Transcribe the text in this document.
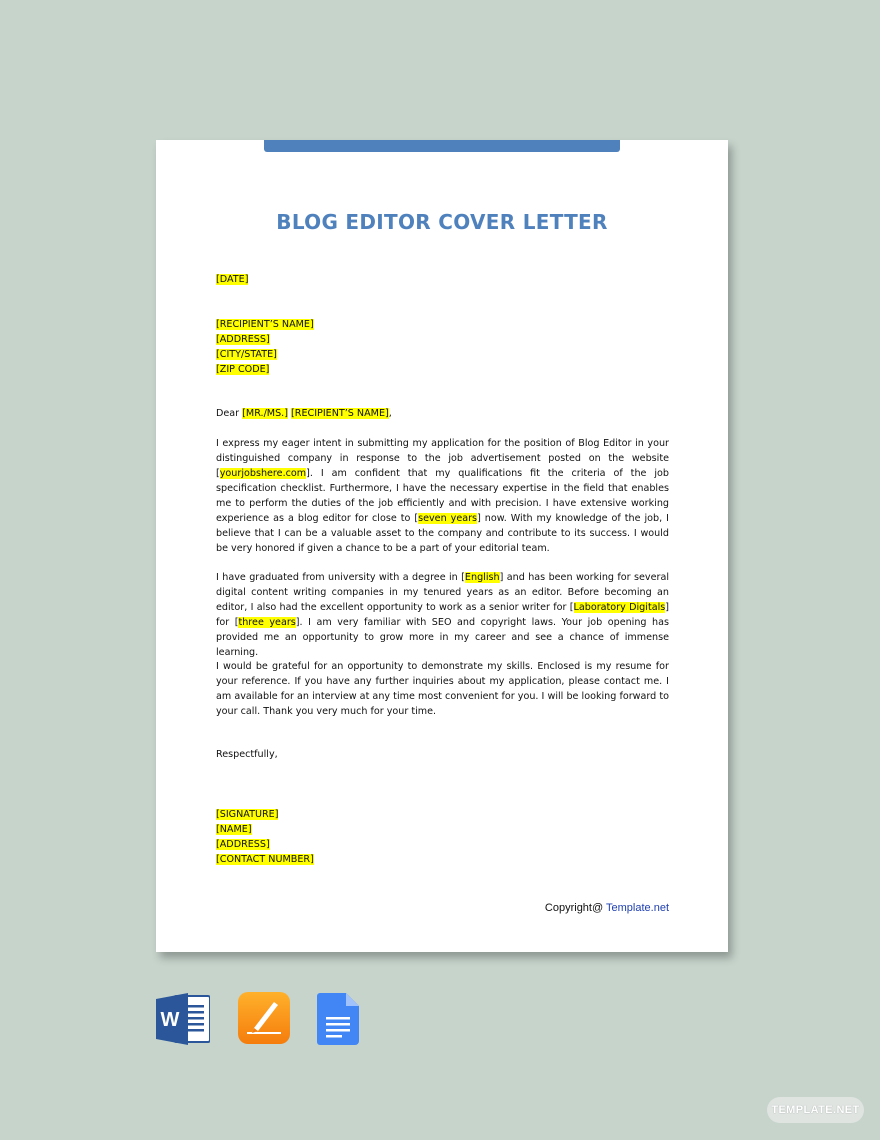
BLOG EDITOR COVER LETTER
[DATE]
[RECIPIENT’S NAME]
[ADDRESS]
[CITY/STATE]
[ZIP CODE]
Dear [MR./MS.] [RECIPIENT’S NAME],

I express my eager intent in submitting my application for the position of Blog Editor in your distinguished company in response to the job advertisement posted on the website [yourjobshere.com]. I am confident that my qualifications fit the criteria of the job specification checklist. Furthermore, I have the necessary expertise in the field that enables me to perform the duties of the job efficiently and with precision. I have extensive working experience as a blog editor for close to [seven years] now. With my knowledge of the job, I believe that I can be a valuable asset to the company and contribute to its success. I would be very honored if given a chance to be a part of your editorial team.

I have graduated from university with a degree in [English] and has been working for several digital content writing companies in my tenured years as an editor. Before becoming an editor, I also had the excellent opportunity to work as a senior writer for [Laboratory Digitals] for [three years]. I am very familiar with SEO and copyright laws. Your job opening has provided me an opportunity to grow more in my career and see a chance of immense learning.

I would be grateful for an opportunity to demonstrate my skills. Enclosed is my resume for your reference. If you have any further inquiries about my application, please contact me. I am available for an interview at any time most convenient for you. I will be looking forward to your call. Thank you very much for your time.

Respectfully,
[SIGNATURE]
[NAME]
[ADDRESS]
[CONTACT NUMBER]
Copyright@ Template.net
W
TEMPLATE.NET
